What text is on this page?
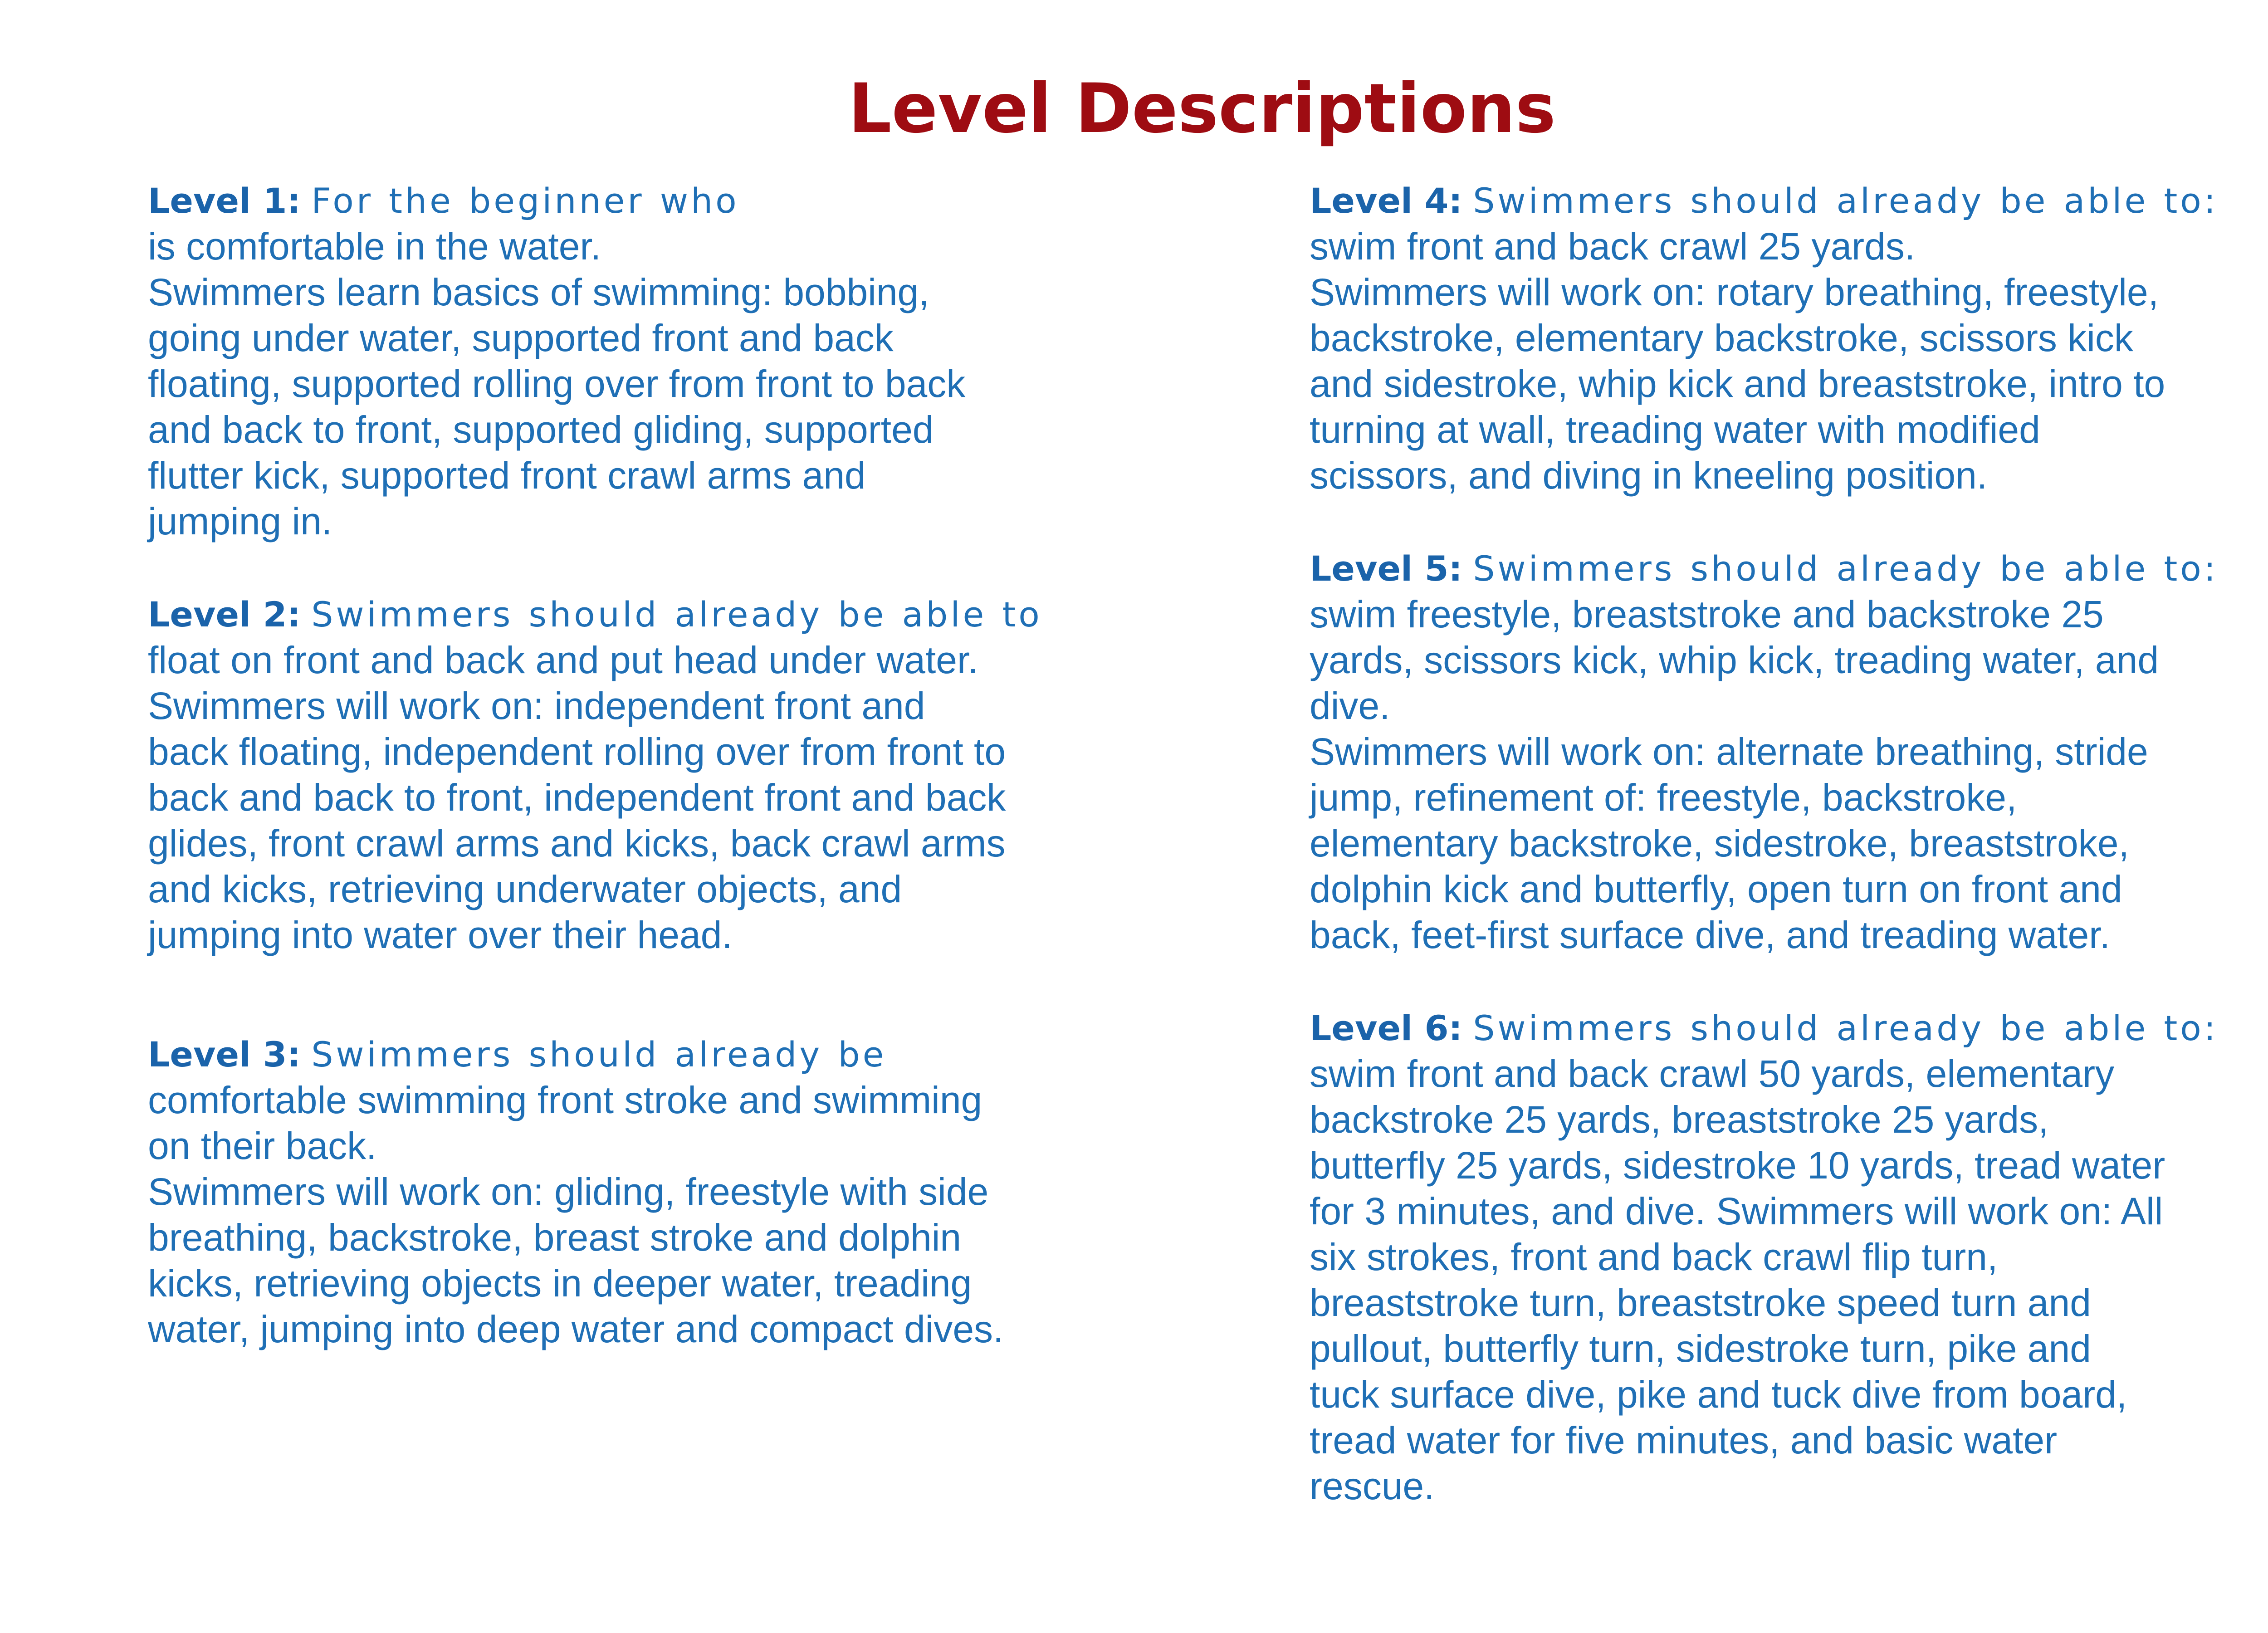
Level Descriptions
Level 1: For the beginner who
is comfortable in the water.
Swimmers learn basics of swimming: bobbing,
going under water, supported front and back
floating, supported rolling over from front to back
and back to front, supported gliding, supported
flutter kick, supported front crawl arms and
jumping in.
Level 2: Swimmers should already be able to
float on front and back and put head under water.
Swimmers will work on: independent front and
back floating, independent rolling over from front to
back and back to front, independent front and back
glides, front crawl arms and kicks, back crawl arms
and kicks, retrieving underwater objects, and
jumping into water over their head.
Level 3: Swimmers should already be
comfortable swimming front stroke and swimming
on their back.
Swimmers will work on: gliding, freestyle with side
breathing, backstroke, breast stroke and dolphin
kicks, retrieving objects in deeper water, treading
water, jumping into deep water and compact dives.
Level 4: Swimmers should already be able to:
swim front and back crawl 25 yards.
Swimmers will work on: rotary breathing, freestyle,
backstroke, elementary backstroke, scissors kick
and sidestroke, whip kick and breaststroke, intro to
turning at wall, treading water with modified
scissors, and diving in kneeling position.
Level 5: Swimmers should already be able to:
swim freestyle, breaststroke and backstroke 25
yards, scissors kick, whip kick, treading water, and
dive.
Swimmers will work on: alternate breathing, stride
jump, refinement of: freestyle, backstroke,
elementary backstroke, sidestroke, breaststroke,
dolphin kick and butterfly, open turn on front and
back, feet-first surface dive, and treading water.
Level 6: Swimmers should already be able to:
swim front and back crawl 50 yards, elementary
backstroke 25 yards, breaststroke 25 yards,
butterfly 25 yards, sidestroke 10 yards, tread water
for 3 minutes, and dive. Swimmers will work on: All
six strokes, front and back crawl flip turn,
breaststroke turn, breaststroke speed turn and
pullout, butterfly turn, sidestroke turn, pike and
tuck surface dive, pike and tuck dive from board,
tread water for five minutes, and basic water
rescue.
